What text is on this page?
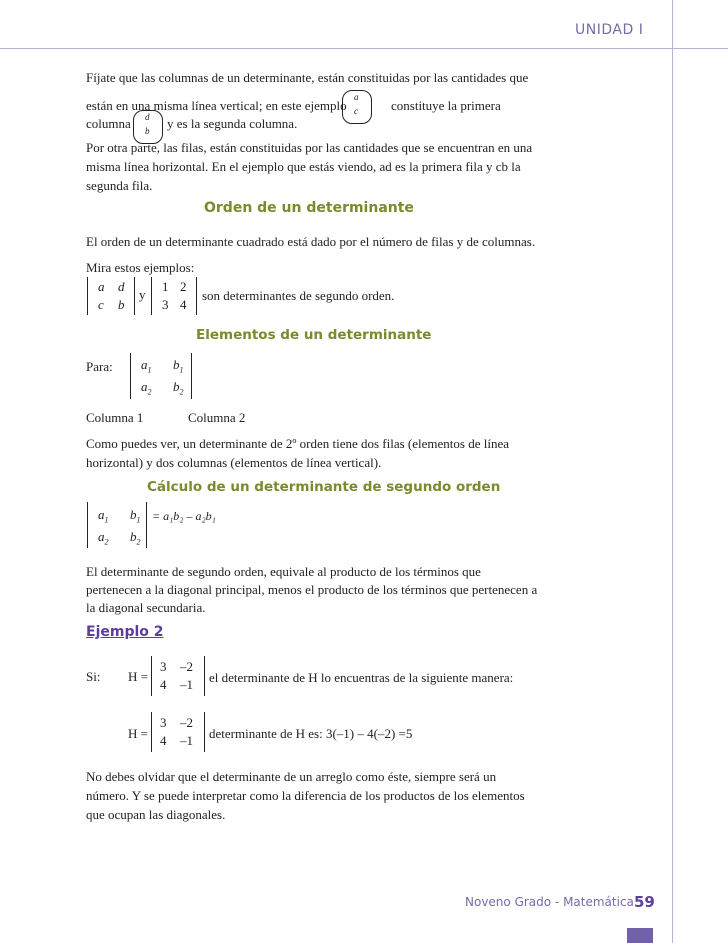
UNIDAD I

Fíjate que las columnas de un determinante, están constituidas por las cantidades que

están en una misma línea vertical; en este ejemplo

a
c	constituye la primera

columna d
b y es la segunda columna.

Por otra parte, las filas, están constituidas por las cantidades que se encuentran en una

misma línea horizontal. En el ejemplo que estás viendo, ad es la primera fila y cb la

segunda fila.

Orden de un determinante

El orden de un determinante cuadrado está dado por el número de filas y de columnas.

Mira estos ejemplos:

a d
c b
y
1 2
3 4

son determinantes de segundo orden.

Elementos de un determinante

Para: $a_1$ $b_1$
$a_2$ $b_2$

Columna 1	Columna 2

Como puedes ver, un determinante de 2º orden tiene dos filas (elementos de línea

horizontal) y dos columnas (elementos de línea vertical).

Cálculo de un determinante de segundo orden
$a_1$ $b_1$
$a_2$ $b_2$
= a₁b₂ – a₂b₁

El determinante de segundo orden, equivale al producto de los términos que

pertenecen a la diagonal principal, menos el producto de los términos que pertenecen a

la diagonal secundaria.

Ejemplo 2

Si: H =

3 –2
4 –1 el determinante de H lo encuentras de la siguiente manera:

H =

3 –2
4 –1 determinante de H es: 3(–1) – 4(–2) =5

No debes olvidar que el determinante de un arreglo como éste, siempre será un

número. Y se puede interpretar como la diferencia de los productos de los elementos

que ocupan las diagonales.

Noveno Grado - Matemática 59
